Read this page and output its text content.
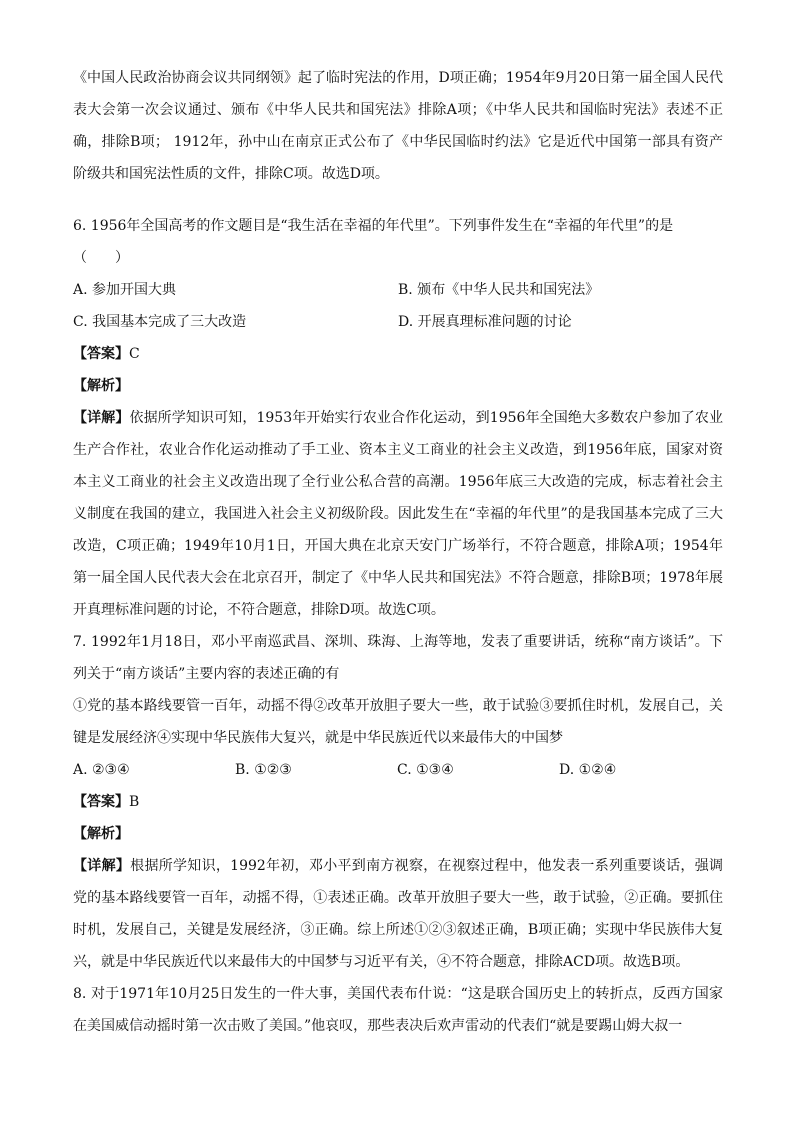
《中国人民政治协商会议共同纲领》起了临时宪法的作用，D项正确；1954年9月20日第一届全国人民代表大会第一次会议通过、颁布《中华人民共和国宪法》排除A项；《中华人民共和国临时宪法》表述不正确，排除B项； 1912年，孙中山在南京正式公布了《中华民国临时约法》它是近代中国第一部具有资产阶级共和国宪法性质的文件，排除C项。故选D项。

6. 1956年全国高考的作文题目是“我生活在幸福的年代里”。下列事件发生在“幸福的年代里”的是

（　　）

A. 参加开国大典	B. 颁布《中华人民共和国宪法》
C. 我国基本完成了三大改造	D. 开展真理标准问题的讨论

【答案】C

【解析】

【详解】依据所学知识可知，1953年开始实行农业合作化运动，到1956年全国绝大多数农户参加了农业生产合作社，农业合作化运动推动了手工业、资本主义工商业的社会主义改造，到1956年底，国家对资本主义工商业的社会主义改造出现了全行业公私合营的高潮。1956年底三大改造的完成，标志着社会主义制度在我国的建立，我国进入社会主义初级阶段。因此发生在“幸福的年代里”的是我国基本完成了三大改造，C项正确；1949年10月1日，开国大典在北京天安门广场举行，不符合题意，排除A项；1954年第一届全国人民代表大会在北京召开，制定了《中华人民共和国宪法》不符合题意，排除B项；1978年展开真理标准问题的讨论，不符合题意，排除D项。故选C项。

7. 1992年1月18日，邓小平南巡武昌、深圳、珠海、上海等地，发表了重要讲话，统称“南方谈话”。下列关于“南方谈话”主要内容的表述正确的有

①党的基本路线要管一百年，动摇不得②改革开放胆子要大一些，敢于试验③要抓住时机，发展自己，关键是发展经济④实现中华民族伟大复兴，就是中华民族近代以来最伟大的中国梦

A. ②③④	B. ①②③	C. ①③④	D. ①②④

【答案】B

【解析】

【详解】根据所学知识，1992年初，邓小平到南方视察，在视察过程中，他发表一系列重要谈话，强调党的基本路线要管一百年，动摇不得，①表述正确。改革开放胆子要大一些，敢于试验，②正确。要抓住时机，发展自己，关键是发展经济，③正确。综上所述①②③叙述正确，B项正确；实现中华民族伟大复兴，就是中华民族近代以来最伟大的中国梦与习近平有关，④不符合题意，排除ACD项。故选B项。

8. 对于1971年10月25日发生的一件大事，美国代表布什说：“这是联合国历史上的转折点，反西方国家在美国威信动摇时第一次击败了美国。”他哀叹，那些表决后欢声雷动的代表们“就是要踢山姆大叔一
